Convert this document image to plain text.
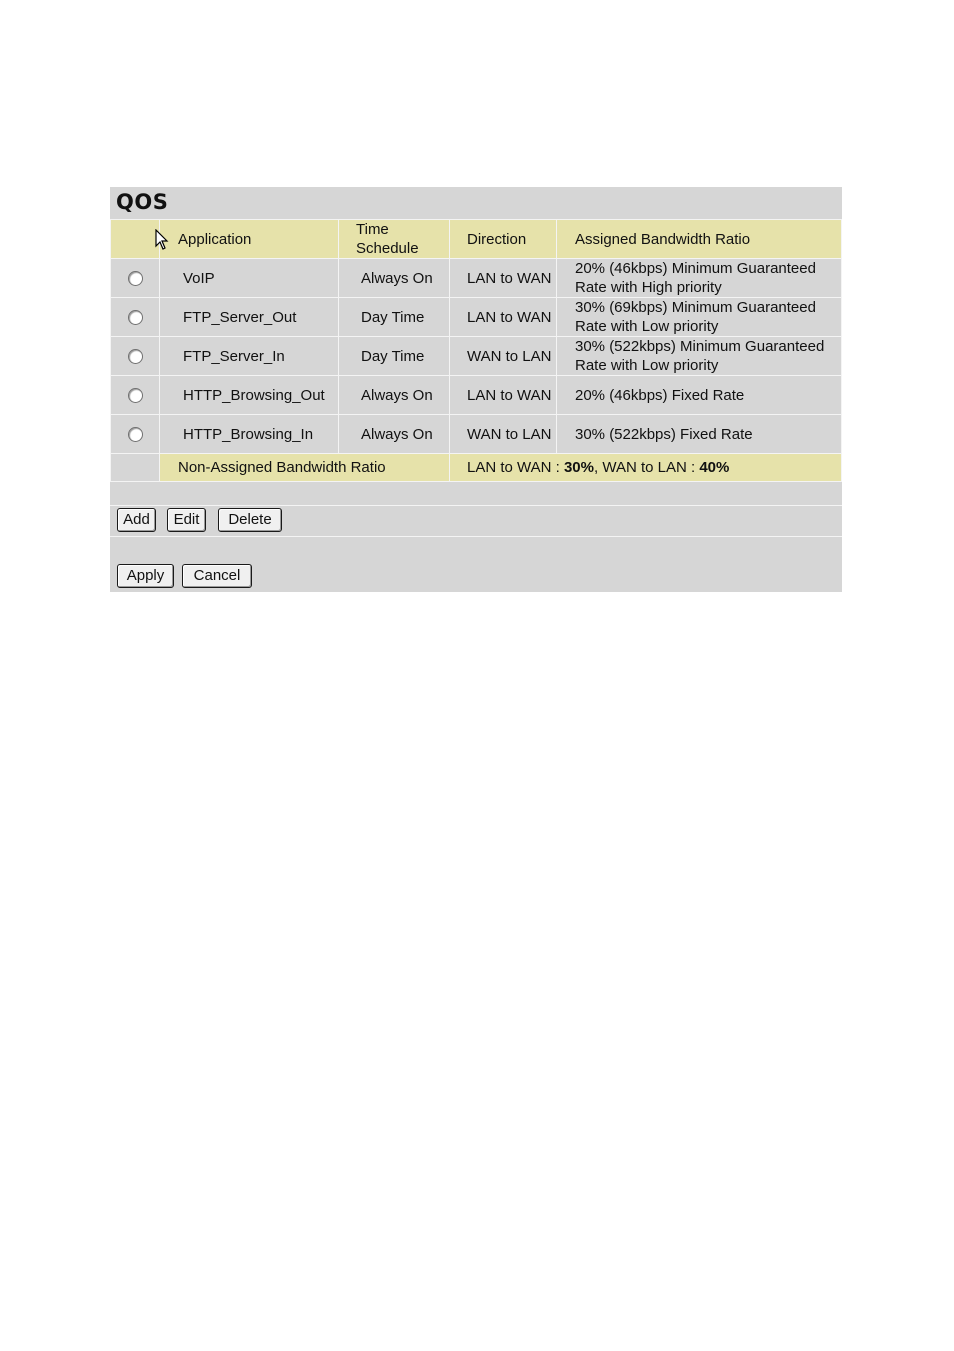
QOS

Application	Time Schedule	Direction	Assigned Bandwidth Ratio
	VoIP	Always On	LAN to WAN	20% (46kbps) Minimum Guaranteed Rate with High priority
	FTP_Server_Out	Day Time	LAN to WAN	30% (69kbps) Minimum Guaranteed Rate with Low priority
	FTP_Server_In	Day Time	WAN to LAN	30% (522kbps) Minimum Guaranteed Rate with Low priority
	HTTP_Browsing_Out	Always On	LAN to WAN	20% (46kbps) Fixed Rate
	HTTP_Browsing_In	Always On	WAN to LAN	30% (522kbps) Fixed Rate
	Non-Assigned Bandwidth Ratio		LAN to WAN : 30%, WAN to LAN : 40%	
Add	Edit	Delete
Apply	Cancel
